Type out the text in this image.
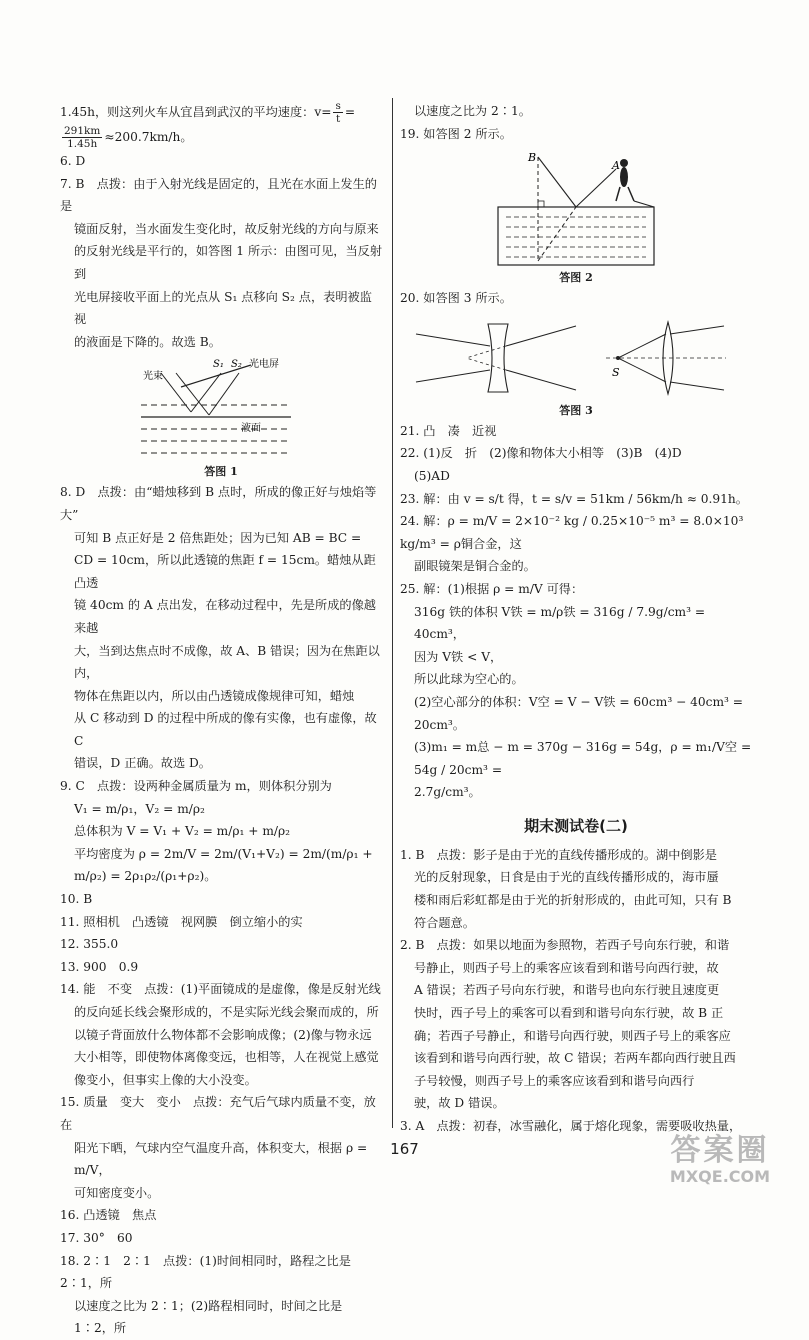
1.45h，则这列火车从宜昌到武汉的平均速度：$v= \frac{s}{t}$ =

$\frac{291km}{1.45h} \approx 200.7km/h$。

6. D

7. B　点拨：由于入射光线是固定的，且光在水面上发生的是

镜面反射，当水面发生变化时，故反射光线的方向与原来

的反射光线是平行的，如答图 1 所示：由图可见，当反射到

光电屏接收平面上的光点从 S₁ 点移向 S₂ 点，表明被监视

的液面是下降的。故选 B。

光束
S₁ S₂ 光电屏
液面
答图 1

8. D　点拨：由“蜡烛移到 B 点时，所成的像正好与烛焰等大”

可知 B 点正好是 2 倍焦距处；因为已知 AB = BC =

CD = 10cm，所以此透镜的焦距 f = 15cm。蜡烛从距凸透

镜 40cm 的 A 点出发，在移动过程中，先是所成的像越来越

大，当到达焦点时不成像，故 A、B 错误；因为在焦距以内，

物体在焦距以内，所以由凸透镜成像规律可知，蜡烛

从 C 移动到 D 的过程中所成的像有实像，也有虚像，故 C

错误，D 正确。故选 D。

9. C　点拨：设两种金属质量为 m，则体积分别为

V₁ = m/ρ₁，V₂ = m/ρ₂

总体积为 V = V₁ + V₂ = m/ρ₁ + m/ρ₂

平均密度为 ρ = 2m/V = 2m/(V₁+V₂) = 2m/(m/ρ₁ + m/ρ₂) = 2ρ₁ρ₂/(ρ₁+ρ₂)。

10. B

11. 照相机　凸透镜　视网膜　倒立缩小的实

12. 355.0

13. 900　0.9

14. 能　不变　点拨：(1)平面镜成的是虚像，像是反射光线

的反向延长线会聚形成的，不是实际光线会聚而成的，所

以镜子背面放什么物体都不会影响成像；(2)像与物永远

大小相等，即使物体离像变远，也相等，人在视觉上感觉

像变小，但事实上像的大小没变。

15. 质量　变大　变小　点拨：充气后气球内质量不变，放在

阳光下晒，气球内空气温度升高，体积变大，根据 ρ = m/V，

可知密度变小。

16. 凸透镜　焦点

17. 30°　60

18. 2∶1　2∶1　点拨：(1)时间相同时，路程之比是 2∶1，所

以速度之比为 2∶1；(2)路程相同时，时间之比是 1∶2，所

以速度之比为 2∶1。

19. 如答图 2 所示。

B
A
答图 2

20. 如答图 3 所示。

S
答图 3

21. 凸　凑　近视

22. (1)反　折　(2)像和物体大小相等　(3)B　(4)D

(5)AD

23. 解：由 v = s/t 得，t = s/v = 51km / 56km/h ≈ 0.91h。

24. 解：ρ = m/V = 2×10⁻² kg / 0.25×10⁻⁵ m³ = 8.0×10³ kg/m³ = ρ铜合金，这

副眼镜架是铜合金的。

25. 解：(1)根据 ρ = m/V 可得：

316g 铁的体积 V铁 = m/ρ铁 = 316g / 7.9g/cm³ = 40cm³，

因为 V铁 < V，

所以此球为空心的。

(2)空心部分的体积：V空 = V − V铁 = 60cm³ − 40cm³ =

20cm³。

(3)m₁ = m总 − m = 370g − 316g = 54g，ρ = m₁/V空 = 54g / 20cm³ =

2.7g/cm³。

期末测试卷(二)

1. B　点拨：影子是由于光的直线传播形成的。湖中倒影是

光的反射现象，日食是由于光的直线传播形成的，海市蜃

楼和雨后彩虹都是由于光的折射形成的，由此可知，只有 B

符合题意。

2. B　点拨：如果以地面为参照物，若西子号向东行驶，和谐

号静止，则西子号上的乘客应该看到和谐号向西行驶，故

A 错误；若西子号向东行驶，和谐号也向东行驶且速度更

快时，西子号上的乘客可以看到和谐号向东行驶，故 B 正

确；若西子号静止，和谐号向西行驶，则西子号上的乘客应

该看到和谐号向西行驶，故 C 错误；若两车都向西行驶且西

子号较慢，则西子号上的乘客应该看到和谐号向西行

驶，故 D 错误。

3. A　点拨：初春，冰雪融化，属于熔化现象，需要吸收热量，

167	答案圈
MXQE.COM
